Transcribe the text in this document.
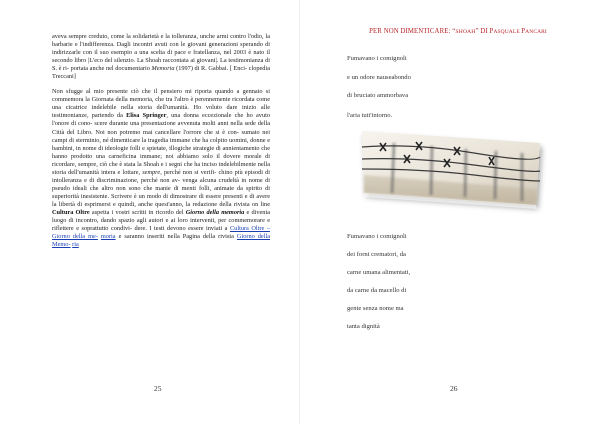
aveva sempre creduto, come la solidarietà e la tolleranza, unche armi contro l'odio, la barbarie e l'indifferenza. Dagli incontri avuti con le giovani generazioni sperando di indirizzarle con il suo esempio a una scelta di pace e fratellanza, nel 2003 è nato il secondo libro |L'eco del silenzio. La Shoah raccontata ai giovani|. La testimonianza di S. è ri- portata anche nel documentario Memoria (1997) di R. Gabbai. [ Enci- clopedia Treccani]

Non sfugge al mio presente ciò che il pensiero mi riporta quando a gennaio si commemora la Giornata della memoria, che tra l'altro è perennemente ricordata come una cicatrice indelebile nella storia dell'umanità. Ho voluto dare inizio alle testimonianze, partendo da Elisa Springer, una donna eccezionale che ho avuto l'onore di cono- scere durante una presentazione avvenuta molti anni nella sede della Città del Libro. Noi non potremo mai cancellare l'orrore che si è con- sumato nei campi di sterminio, né dimenticare la tragedia immane che ha colpito uomini, donne e bambini, in nome di ideologie folli e spietate, illogiche strategie di annientamento che hanno prodotto una carneficina immane; noi abbiamo solo il dovere morale di ricordare, sempre, ciò che è stata la Shoah e i segni che ha inciso indelebilmente nella storia dell'umanità intera e lottare, sempre, perché non si verifi- chino più episodi di intolleranza e di discriminazione, perché non av- venga alcuna crudeltà in nome di pseudo ideali che altro non sono che manie di menti folli, animate da spirito di superiorità inesistente. Scrivere è un modo di dimostrare di essere presenti e di avere la libertà di esprimersi e quindi, anche quest'anno, la redazione della rivista on line Cultura Oltre aspetta i vostri scritti in ricordo del Giorno della memoria e diventa luogo di incontro, dando spazio agli autori e ai loro interventi, per commemorare e riflettere e soprattutto condivi- dere. I testi devono essere inviati a Cultura Oltre – Giorno della me- moria e saranno inseriti nella Pagina della rivista Giorno della Memo- ria

25
PER NON DIMENTICARE: “SHOAH” DI PASQUALE PANCARI
Fumavano i comignoli
e un odore nauseabondo
di bruciato ammorbava
l'aria tutt'intorno.
Fumavano i comignoli
dei forni crematori, da
carne umana alimentati,
da carne da macello di
gente senza nome ma
tanta dignità
26
